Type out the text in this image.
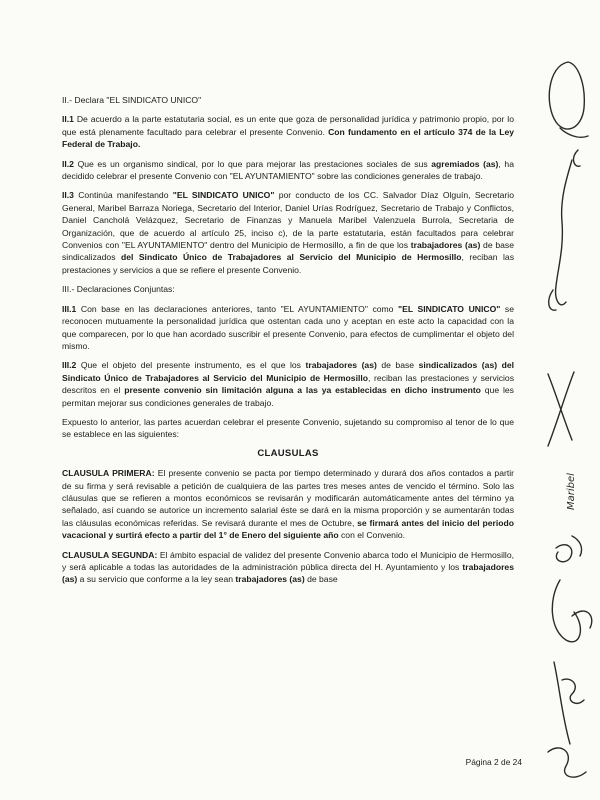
II.- Declara "EL SINDICATO UNICO"

II.1 De acuerdo a la parte estatutaria social, es un ente que goza de personalidad jurídica y patrimonio propio, por lo que está plenamente facultado para celebrar el presente Convenio. Con fundamento en el artículo 374 de la Ley Federal de Trabajo.

II.2 Que es un organismo sindical, por lo que para mejorar las prestaciones sociales de sus agremiados (as), ha decidido celebrar el presente Convenio con "EL AYUNTAMIENTO" sobre las condiciones generales de trabajo.

II.3 Continúa manifestando "EL SINDICATO UNICO" por conducto de los CC. Salvador Díaz Olguín, Secretario General, Maribel Barraza Noriega, Secretario del Interior, Daniel Urías Rodríguez, Secretario de Trabajo y Conflictos, Daniel Cancholá Velázquez, Secretario de Finanzas y Manuela Maribel Valenzuela Burrola, Secretaria de Organización, que de acuerdo al artículo 25, inciso c), de la parte estatutaria, están facultados para celebrar Convenios con "EL AYUNTAMIENTO" dentro del Municipio de Hermosillo, a fin de que los trabajadores (as) de base sindicalizados del Sindicato Único de Trabajadores al Servicio del Municipio de Hermosillo, reciban las prestaciones y servicios a que se refiere el presente Convenio.

III.- Declaraciones Conjuntas:

III.1 Con base en las declaraciones anteriores, tanto "EL AYUNTAMIENTO" como "EL SINDICATO UNICO" se reconocen mutuamente la personalidad jurídica que ostentan cada uno y aceptan en este acto la capacidad con la que comparecen, por lo que han acordado suscribir el presente Convenio, para efectos de cumplimentar el objeto del mismo.

III.2 Que el objeto del presente instrumento, es el que los trabajadores (as) de base sindicalizados (as) del Sindicato Único de Trabajadores al Servicio del Municipio de Hermosillo, reciban las prestaciones y servicios descritos en el presente convenio sin limitación alguna a las ya establecidas en dicho instrumento que les permitan mejorar sus condiciones generales de trabajo.

Expuesto lo anterior, las partes acuerdan celebrar el presente Convenio, sujetando su compromiso al tenor de lo que se establece en las siguientes:

CLAUSULAS

CLAUSULA PRIMERA: El presente convenio se pacta por tiempo determinado y durará dos años contados a partir de su firma y será revisable a petición de cualquiera de las partes tres meses antes de vencido el término. Solo las cláusulas que se refieren a montos económicos se revisarán y modificarán automáticamente antes del término ya señalado, así cuando se autorice un incremento salarial éste se dará en la misma proporción y se aumentarán todas las cláusulas económicas referidas. Se revisará durante el mes de Octubre, se firmará antes del inicio del periodo vacacional y surtirá efecto a partir del 1° de Enero del siguiente año con el Convenio.

CLAUSULA SEGUNDA: El ámbito espacial de validez del presente Convenio abarca todo el Municipio de Hermosillo, y será aplicable a todas las autoridades de la administración pública directa del H. Ayuntamiento y los trabajadores (as) a su servicio que conforme a la ley sean trabajadores (as) de base

Página 2 de 24
Maribel
